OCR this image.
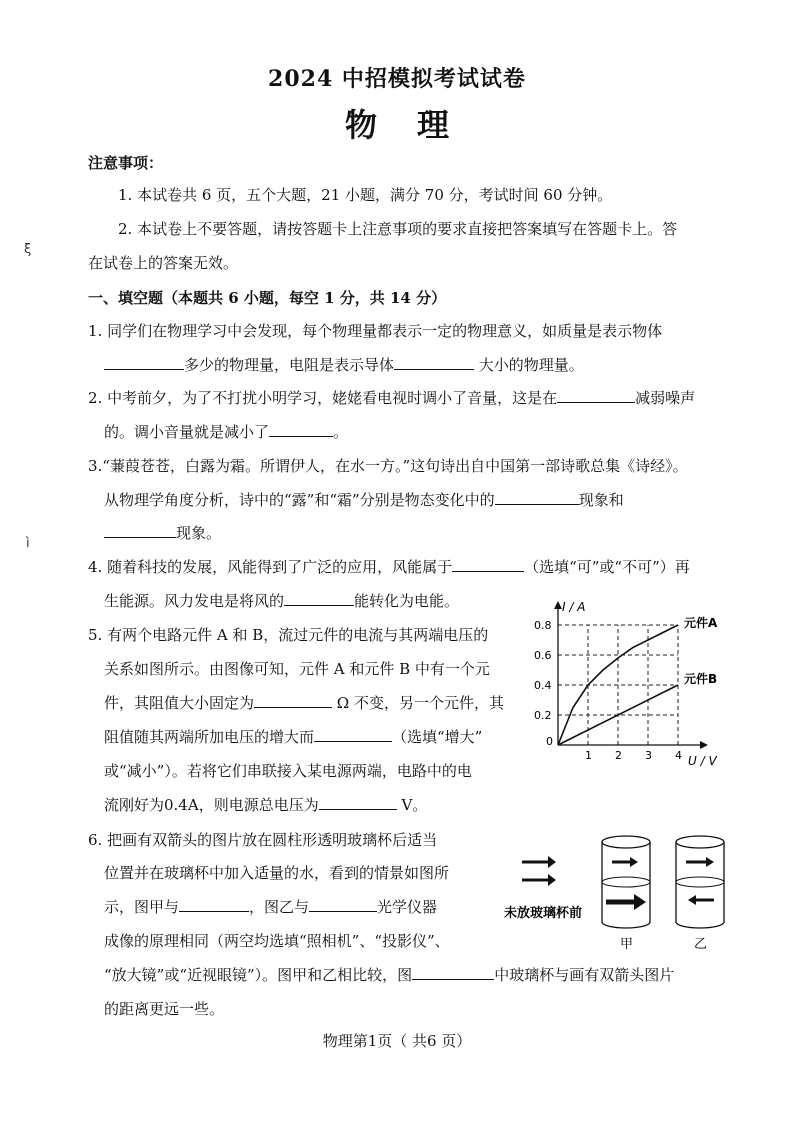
2024 中招模拟考试试卷
物理
注意事项：
1. 本试卷共 6 页，五个大题，21 小题，满分 70 分，考试时间 60 分钟。
2. 本试卷上不要答题，请按答题卡上注意事项的要求直接把答案填写在答题卡上。答
在试卷上的答案无效。
ξ
ì
一、填空题（本题共 6 小题，每空 1 分，共 14 分）
1. 同学们在物理学习中会发现，每个物理量都表示一定的物理意义，如质量是表示物体
多少的物理量，电阻是表示导体	大小的物理量。
2. 中考前夕，为了不打扰小明学习，姥姥看电视时调小了音量，这是在	减弱噪声
的。调小音量就是减小了	。
3.“蒹葭苍苍，白露为霜。所谓伊人，在水一方。”这句诗出自中国第一部诗歌总集《诗经》。
从物理学角度分析，诗中的“露”和“霜”分别是物态变化中的	现象和
现象。
4. 随着科技的发展，风能得到了广泛的应用，风能属于	（选填“可”或“不可”）再
生能源。风力发电是将风的	能转化为电能。
5. 有两个电路元件 A 和 B，流过元件的电流与其两端电压的
关系如图所示。由图像可知，元件 A 和元件 B 中有一个元
件，其阻值大小固定为	Ω 不变，另一个元件，其
阻值随其两端所加电压的增大而	（选填“增大”
或“减小”）。若将它们串联接入某电源两端，电路中的电
流刚好为0.4A，则电源总电压为	V。
0
1 2 3 4
0.2
0.4
0.6
0.8
I / A
U / V
元件A
元件B
6. 把画有双箭头的图片放在圆柱形透明玻璃杯后适当
位置并在玻璃杯中加入适量的水，看到的情景如图所
示，图甲与	，图乙与	光学仪器
成像的原理相同（两空均选填“照相机”、“投影仪”、
“放大镜”或“近视眼镜”）。图甲和乙相比较，图	中玻璃杯与画有双箭头图片
的距离更远一些。
未放玻璃杯前
甲	乙
物理第1页（ 共6 页）
